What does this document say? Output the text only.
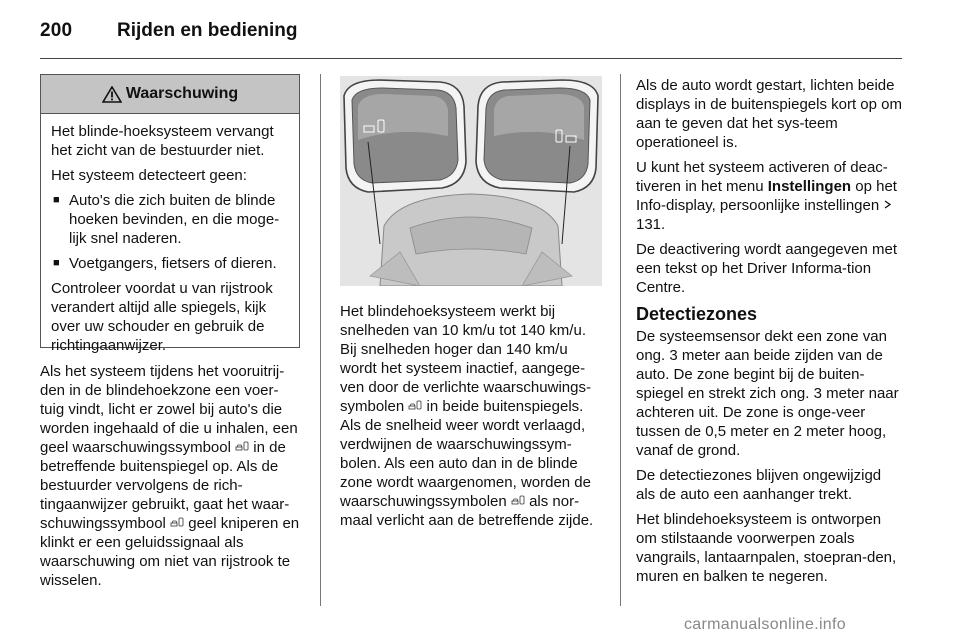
200 Rijden en bediening
Waarschuwing

Het blinde-hoeksysteem vervangt het zicht van de bestuurder niet.

Het systeem detecteert geen:

■ Auto's die zich buiten de blinde hoeken bevinden, en die moge-lijk snel naderen.
■ Voetgangers, fietsers of dieren.

Controleer voordat u van rijstrook verandert altijd alle spiegels, kijk over uw schouder en gebruik de richtingaanwijzer.

Als het systeem tijdens het vooruitrij-den in de blindehoekzone een voer-tuig vindt, licht er zowel bij auto's die worden ingehaald of die u inhalen, een geel waarschuwingssymbool in de betreffende buitenspiegel op. Als de bestuurder vervolgens de rich-tingaanwijzer gebruikt, gaat het waar-schuwingssymbool geel kniperen en klinkt er een geluidssignaal als waarschuwing om niet van rijstrook te wisselen.

Het blindehoeksysteem werkt bij snelheden van 10 km/u tot 140 km/u. Bij snelheden hoger dan 140 km/u wordt het systeem inactief, aangege-ven door de verlichte waarschuwings-symbolen in beide buitenspiegels. Als de snelheid weer wordt verlaagd, verdwijnen de waarschuwingssym-bolen. Als een auto dan in de blinde zone wordt waargenomen, worden de waarschuwingssymbolen als nor-maal verlicht aan de betreffende zijde.

Als de auto wordt gestart, lichten beide displays in de buitenspiegels kort op om aan te geven dat het sys-teem operationeel is.

U kunt het systeem activeren of deac-tiveren in het menu Instellingen op het Info-display, persoonlijke instellingen  131.

De deactivering wordt aangegeven met een tekst op het Driver Informa-tion Centre.

Detectiezones

De systeemsensor dekt een zone van ong. 3 meter aan beide zijden van de auto. De zone begint bij de buiten-spiegel en strekt zich ong. 3 meter naar achteren uit. De zone is onge-veer tussen de 0,5 meter en 2 meter hoog, vanaf de grond.

De detectiezones blijven ongewijzigd als de auto een aanhanger trekt.

Het blindehoeksysteem is ontworpen om stilstaande voorwerpen zoals vangrails, lantaarnpalen, stoepran-den, muren en balken te negeren.

carmanualsonline.info
